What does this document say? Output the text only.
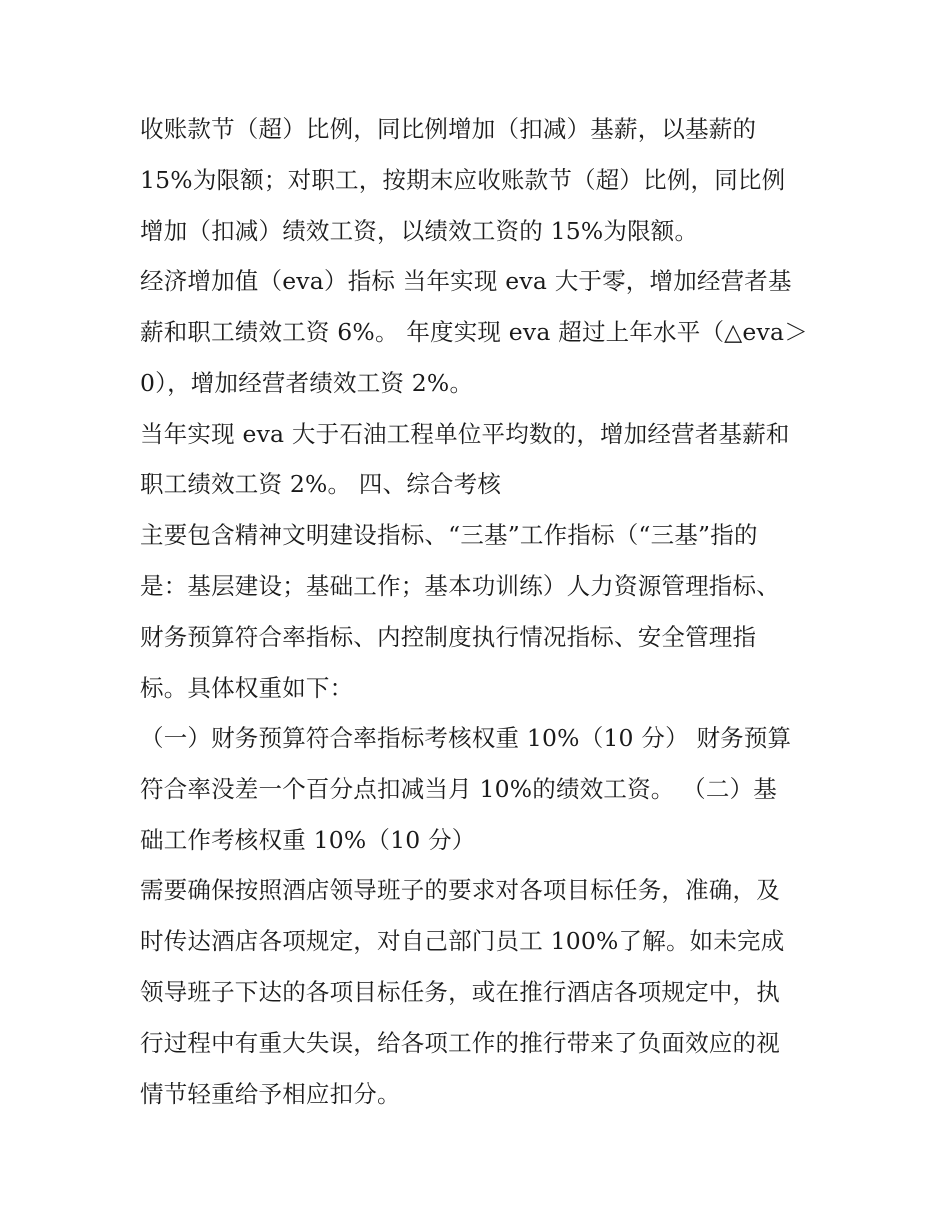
收账款节（超）比例，同比例增加（扣减）基薪，以基薪的
15%为限额；对职工，按期末应收账款节（超）比例，同比例
增加（扣减）绩效工资，以绩效工资的 15%为限额。
经济增加值（eva）指标 当年实现 eva 大于零，增加经营者基
薪和职工绩效工资 6%。 年度实现 eva 超过上年水平（△eva＞
0），增加经营者绩效工资 2%。
当年实现 eva 大于石油工程单位平均数的，增加经营者基薪和
职工绩效工资 2%。 四、综合考核
主要包含精神文明建设指标、“三基”工作指标（“三基”指的
是：基层建设；基础工作；基本功训练）人力资源管理指标、
财务预算符合率指标、内控制度执行情况指标、安全管理指
标。具体权重如下：
（一）财务预算符合率指标考核权重 10%（10 分） 财务预算
符合率没差一个百分点扣减当月 10%的绩效工资。 （二）基
础工作考核权重 10%（10 分）
需要确保按照酒店领导班子的要求对各项目标任务，准确，及
时传达酒店各项规定，对自己部门员工 100%了解。如未完成
领导班子下达的各项目标任务，或在推行酒店各项规定中，执
行过程中有重大失误，给各项工作的推行带来了负面效应的视
情节轻重给予相应扣分。
